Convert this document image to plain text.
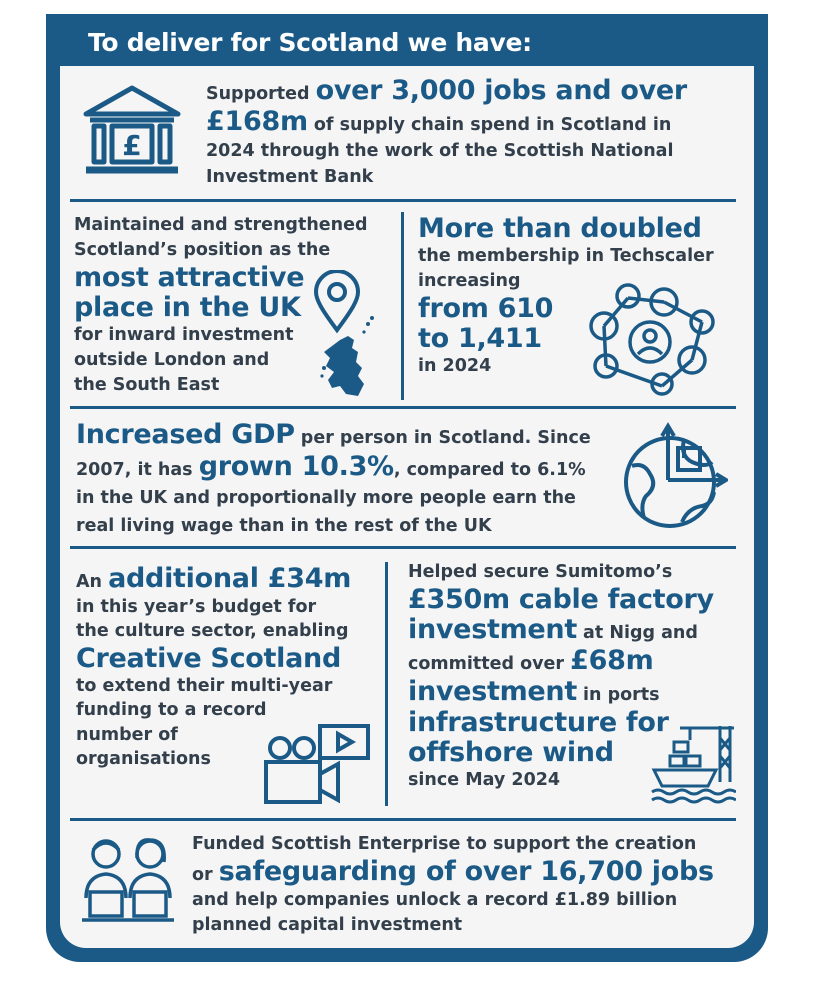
To deliver for Scotland we have:
£
Supported over 3,000 jobs and over £168m of supply chain spend in Scotland in 2024 through the work of the Scottish National Investment Bank
Maintained and strengthened
Scotland’s position as the
most attractive
place in the UK
for inward investment
outside London and
the South East
More than doubled
the membership in Techscaler
increasing
from 610
to 1,411
in 2024
Increased GDP per person in Scotland. Since
2007, it has grown 10.3%, compared to 6.1%
in the UK and proportionally more people earn the
real living wage than in the rest of the UK
An additional £34m
in this year’s budget for
the culture sector, enabling
Creative Scotland
to extend their multi-year
funding to a record
number of
organisations
Helped secure Sumitomo’s
£350m cable factory
investment at Nigg and
committed over £68m
investment in ports
infrastructure for
offshore wind
since May 2024
Funded Scottish Enterprise to support the creation
or safeguarding of over 16,700 jobs
and help companies unlock a record £1.89 billion
planned capital investment
